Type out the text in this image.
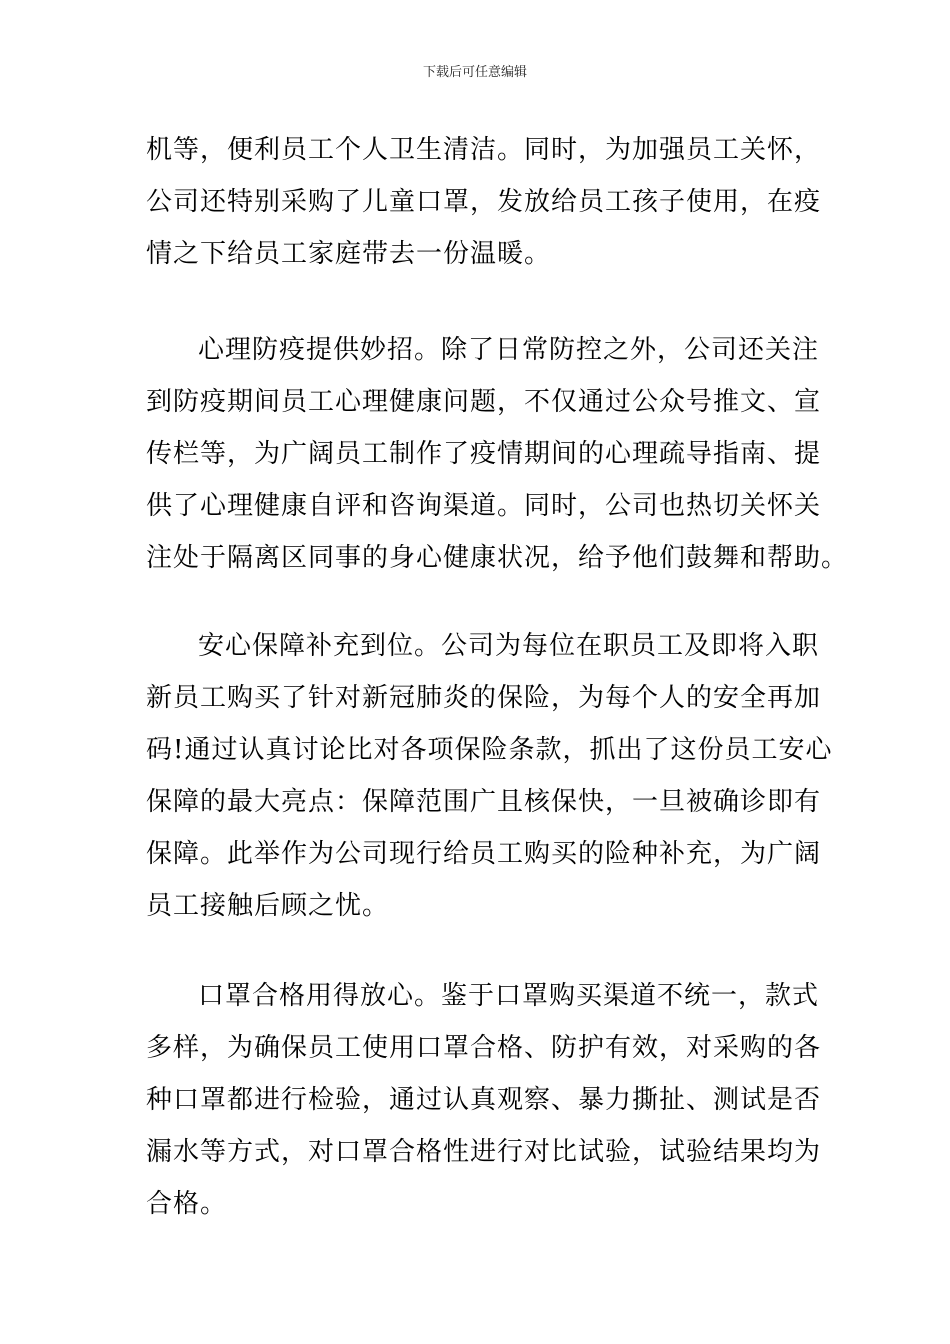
下载后可任意编辑
机等，便利员工个人卫生清洁。同时，为加强员工关怀，
公司还特别采购了儿童口罩，发放给员工孩子使用，在疫
情之下给员工家庭带去一份温暖。
心理防疫提供妙招。除了日常防控之外，公司还关注
到防疫期间员工心理健康问题，不仅通过公众号推文、宣
传栏等，为广阔员工制作了疫情期间的心理疏导指南、提
供了心理健康自评和咨询渠道。同时，公司也热切关怀关
注处于隔离区同事的身心健康状况，给予他们鼓舞和帮助。
安心保障补充到位。公司为每位在职员工及即将入职
新员工购买了针对新冠肺炎的保险，为每个人的安全再加
码!通过认真讨论比对各项保险条款，抓出了这份员工安心
保障的最大亮点：保障范围广且核保快，一旦被确诊即有
保障。此举作为公司现行给员工购买的险种补充，为广阔
员工接触后顾之忧。
口罩合格用得放心。鉴于口罩购买渠道不统一，款式
多样，为确保员工使用口罩合格、防护有效，对采购的各
种口罩都进行检验，通过认真观察、暴力撕扯、测试是否
漏水等方式，对口罩合格性进行对比试验，试验结果均为
合格。
